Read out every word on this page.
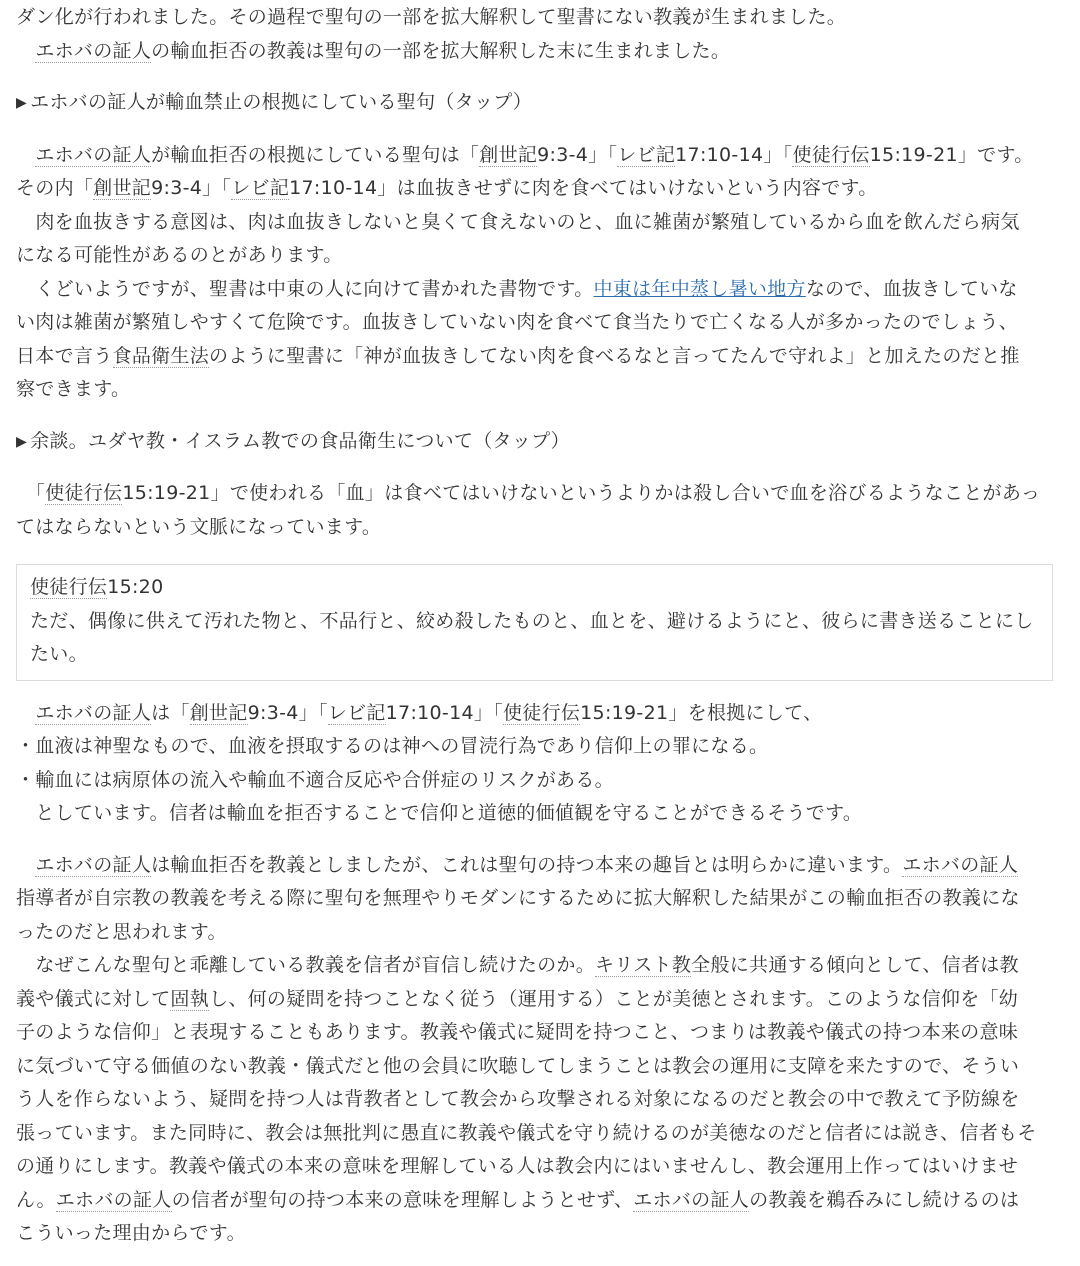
ダン化が行われました。その過程で聖句の一部を拡大解釈して聖書にない教義が生まれました。
　エホバの証人の輸血拒否の教義は聖句の一部を拡大解釈した末に生まれました。

▶ エホバの証人が輸血禁止の根拠にしている聖句（タップ）

　エホバの証人が輸血拒否の根拠にしている聖句は「創世記9:3-4」「レビ記17:10-14」「使徒行伝15:19-21」です。
その内「創世記9:3-4」「レビ記17:10-14」は血抜きせずに肉を食べてはいけないという内容です。
　肉を血抜きする意図は、肉は血抜きしないと臭くて食えないのと、血に雑菌が繁殖しているから血を飲んだら病気
になる可能性があるのとがあります。
　くどいようですが、聖書は中東の人に向けて書かれた書物です。中東は年中蒸し暑い地方なので、血抜きしていな
い肉は雑菌が繁殖しやすくて危険です。血抜きしていない肉を食べて食当たりで亡くなる人が多かったのでしょう、
日本で言う食品衛生法のように聖書に「神が血抜きしてない肉を食べるなと言ってたんで守れよ」と加えたのだと推
察できます。

▶ 余談。ユダヤ教・イスラム教での食品衛生について（タップ）

　「使徒行伝15:19-21」で使われる「血」は食べてはいけないというよりかは殺し合いで血を浴びるようなことがあっ
てはならないという文脈になっています。

使徒行伝15:20
ただ、偶像に供えて汚れた物と、不品行と、絞め殺したものと、血とを、避けるようにと、彼らに書き送ることにし
たい。

　エホバの証人は「創世記9:3-4」「レビ記17:10-14」「使徒行伝15:19-21」を根拠にして、
・血液は神聖なもので、血液を摂取するのは神への冒涜行為であり信仰上の罪になる。
・輸血には病原体の流入や輸血不適合反応や合併症のリスクがある。
　としています。信者は輸血を拒否することで信仰と道徳的価値観を守ることができるそうです。

　エホバの証人は輸血拒否を教義としましたが、これは聖句の持つ本来の趣旨とは明らかに違います。エホバの証人
指導者が自宗教の教義を考える際に聖句を無理やりモダンにするために拡大解釈した結果がこの輸血拒否の教義にな
ったのだと思われます。
　なぜこんな聖句と乖離している教義を信者が盲信し続けたのか。キリスト教全般に共通する傾向として、信者は教
義や儀式に対して固執し、何の疑問を持つことなく従う（運用する）ことが美徳とされます。このような信仰を「幼
子のような信仰」と表現することもあります。教義や儀式に疑問を持つこと、つまりは教義や儀式の持つ本来の意味
に気づいて守る価値のない教義・儀式だと他の会員に吹聴してしまうことは教会の運用に支障を来たすので、そうい
う人を作らないよう、疑問を持つ人は背教者として教会から攻撃される対象になるのだと教会の中で教えて予防線を
張っています。また同時に、教会は無批判に愚直に教義や儀式を守り続けるのが美徳なのだと信者には説き、信者もそ
の通りにします。教義や儀式の本来の意味を理解している人は教会内にはいませんし、教会運用上作ってはいけませ
ん。エホバの証人の信者が聖句の持つ本来の意味を理解しようとせず、エホバの証人の教義を鵜呑みにし続けるのは
こういった理由からです。
